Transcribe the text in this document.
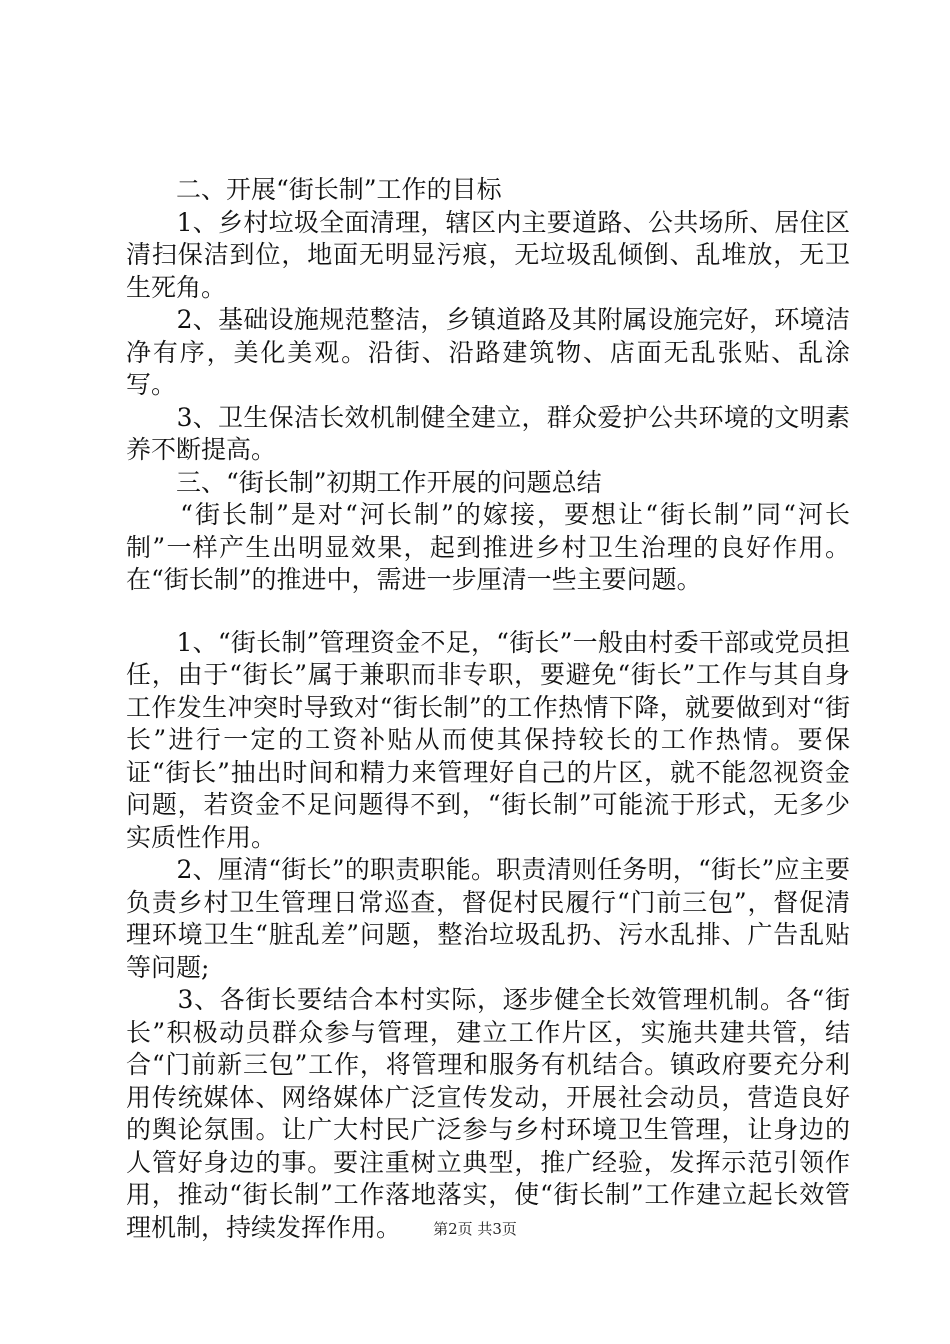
　　二、开展“街长制”工作的目标

　　1、乡村垃圾全面清理，辖区内主要道路、公共场所、居住区清扫保洁到位，地面无明显污痕，无垃圾乱倾倒、乱堆放，无卫生死角。

　　2、基础设施规范整洁，乡镇道路及其附属设施完好，环境洁净有序，美化美观。沿街、沿路建筑物、店面无乱张贴、乱涂写。

　　3、卫生保洁长效机制健全建立，群众爱护公共环境的文明素养不断提高。

　　三、“街长制”初期工作开展的问题总结

　　“街长制”是对“河长制”的嫁接，要想让“街长制”同“河长制”一样产生出明显效果，起到推进乡村卫生治理的良好作用。在“街长制”的推进中，需进一步厘清一些主要问题。

　　1、“街长制”管理资金不足，“街长”一般由村委干部或党员担任，由于“街长”属于兼职而非专职，要避免“街长”工作与其自身工作发生冲突时导致对“街长制”的工作热情下降，就要做到对“街长”进行一定的工资补贴从而使其保持较长的工作热情。要保证“街长”抽出时间和精力来管理好自己的片区，就不能忽视资金问题，若资金不足问题得不到，“街长制”可能流于形式，无多少实质性作用。

　　2、厘清“街长”的职责职能。职责清则任务明，“街长”应主要负责乡村卫生管理日常巡查，督促村民履行“门前三包”，督促清理环境卫生“脏乱差”问题，整治垃圾乱扔、污水乱排、广告乱贴等问题;

　　3、各街长要结合本村实际，逐步健全长效管理机制。各“街长”积极动员群众参与管理，建立工作片区，实施共建共管，结合“门前新三包”工作，将管理和服务有机结合。镇政府要充分利用传统媒体、网络媒体广泛宣传发动，开展社会动员，营造良好的舆论氛围。让广大村民广泛参与乡村环境卫生管理，让身边的人管好身边的事。要注重树立典型，推广经验，发挥示范引领作用，推动“街长制”工作落地落实，使“街长制”工作建立起长效管理机制，持续发挥作用。	第2页 共3页
